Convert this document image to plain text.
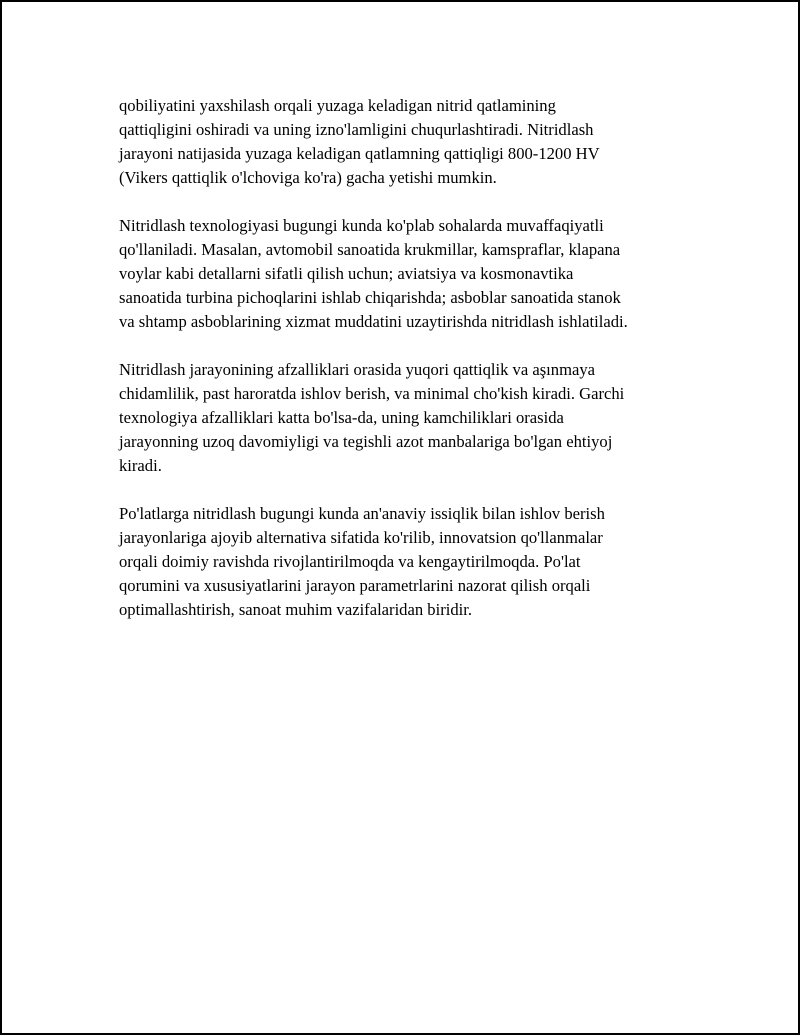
qobiliyatini yaxshilash orqali yuzaga keladigan nitrid qatlamining
qattiqligini oshiradi va uning izno'lamligini chuqurlashtiradi. Nitridlash
jarayoni natijasida yuzaga keladigan qatlamning qattiqligi 800-1200 HV
(Vikers qattiqlik o'lchoviga ko'ra) gacha yetishi mumkin.

Nitridlash texnologiyasi bugungi kunda ko'plab sohalarda muvaffaqiyatli
qo'llaniladi. Masalan, avtomobil sanoatida krukmillar, kamspraflar, klapana
voylar kabi detallarni sifatli qilish uchun; aviatsiya va kosmonavtika
sanoatida turbina pichoqlarini ishlab chiqarishda; asboblar sanoatida stanok
va shtamp asboblarining xizmat muddatini uzaytirishda nitridlash ishlatiladi.

Nitridlash jarayonining afzalliklari orasida yuqori qattiqlik va aşınmaya
chidamlilik, past haroratda ishlov berish, va minimal cho'kish kiradi. Garchi
texnologiya afzalliklari katta bo'lsa-da, uning kamchiliklari orasida
jarayonning uzoq davomiyligi va tegishli azot manbalariga bo'lgan ehtiyoj
kiradi.

Po'latlarga nitridlash bugungi kunda an'anaviy issiqlik bilan ishlov berish
jarayonlariga ajoyib alternativa sifatida ko'rilib, innovatsion qo'llanmalar
orqali doimiy ravishda rivojlantirilmoqda va kengaytirilmoqda. Po'lat
qorumini va xususiyatlarini jarayon parametrlarini nazorat qilish orqali
optimallashtirish, sanoat muhim vazifalaridan biridir.
